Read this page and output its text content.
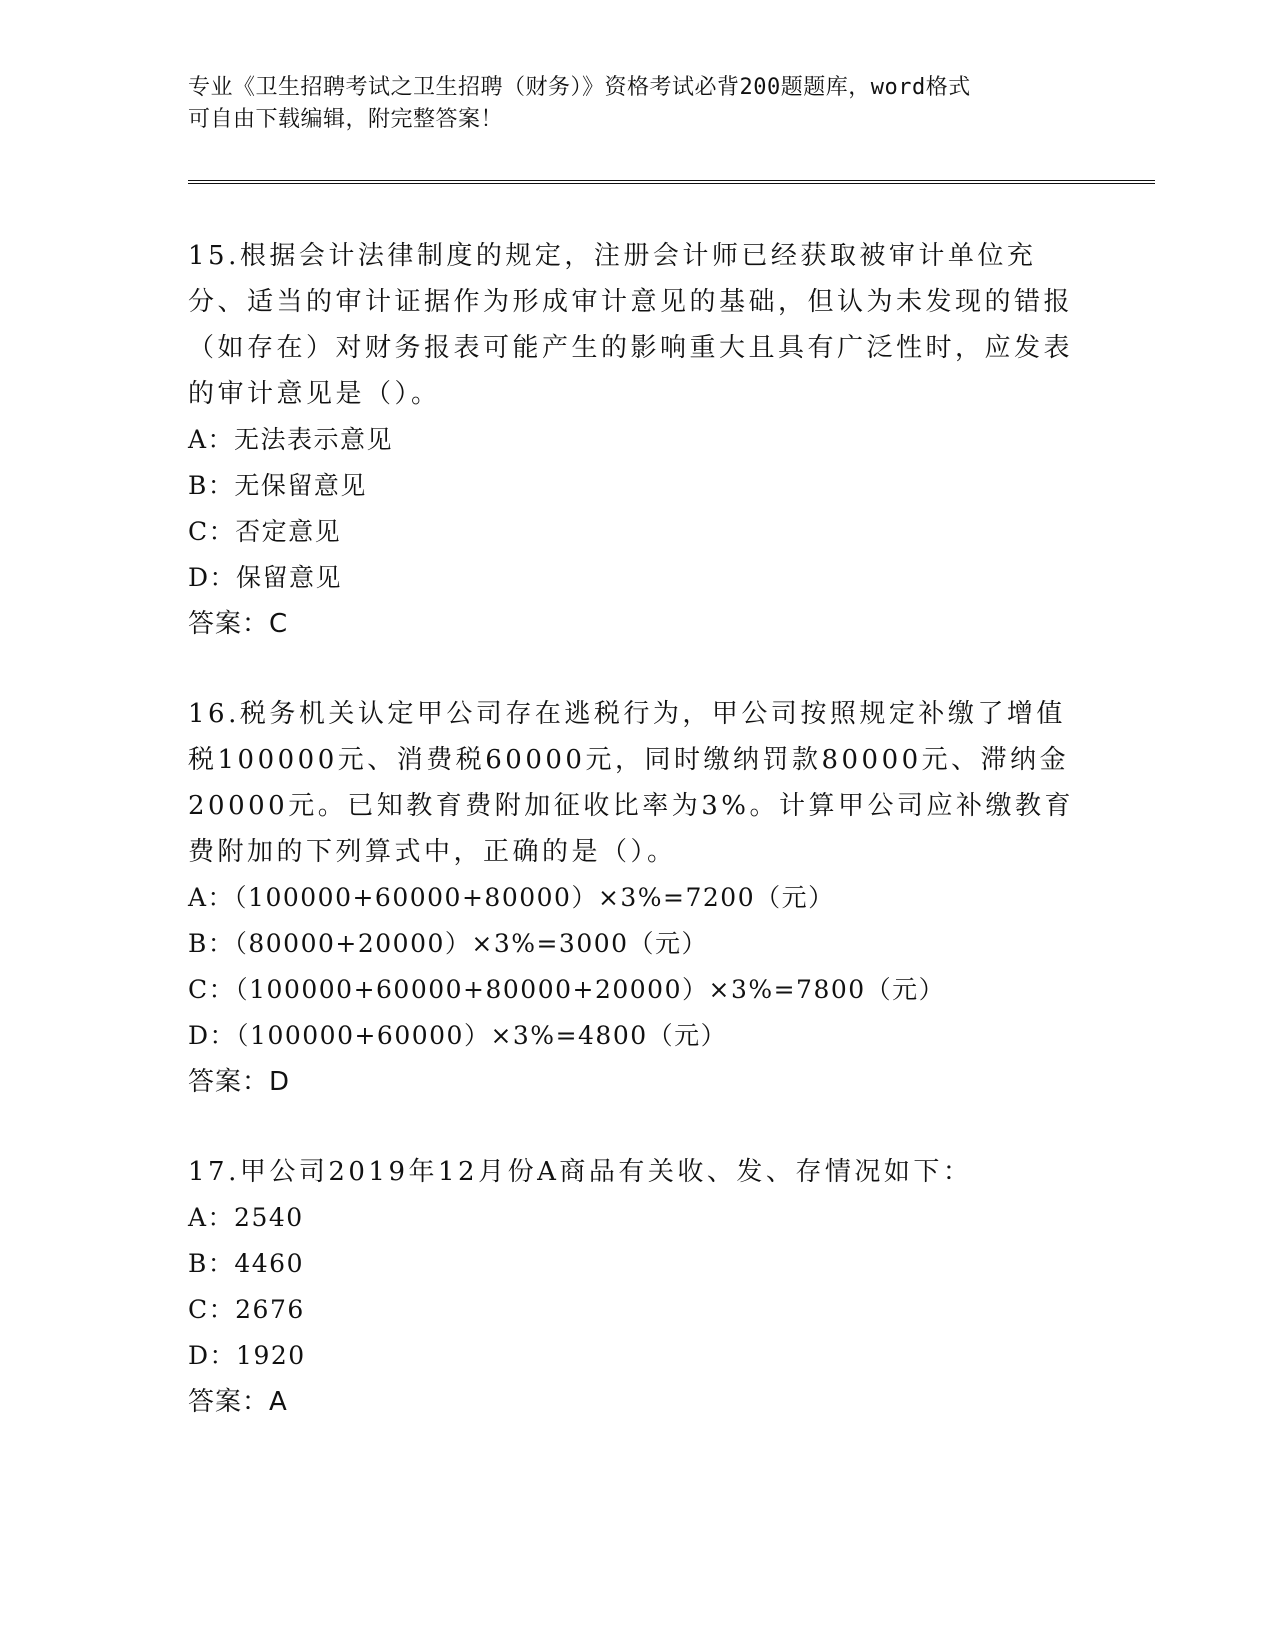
专业《卫生招聘考试之卫生招聘（财务）》资格考试必背200题题库，word格式
可自由下载编辑，附完整答案！

15.根据会计法律制度的规定，注册会计师已经获取被审计单位充分、适当的审计证据作为形成审计意见的基础，但认为未发现的错报（如存在）对财务报表可能产生的影响重大且具有广泛性时，应发表的审计意见是（）。

A：无法表示意见

B：无保留意见

C：否定意见

D：保留意见

答案：C

16.税务机关认定甲公司存在逃税行为，甲公司按照规定补缴了增值税100000元、消费税60000元，同时缴纳罚款80000元、滞纳金20000元。已知教育费附加征收比率为3%。计算甲公司应补缴教育费附加的下列算式中，正确的是（）。

A：（100000+60000+80000）×3%=7200（元）

B：（80000+20000）×3%=3000（元）

C：（100000+60000+80000+20000）×3%=7800（元）

D：（100000+60000）×3%=4800（元）

答案：D

17.甲公司2019年12月份A商品有关收、发、存情况如下：

A：2540

B：4460

C：2676

D：1920

答案：A
